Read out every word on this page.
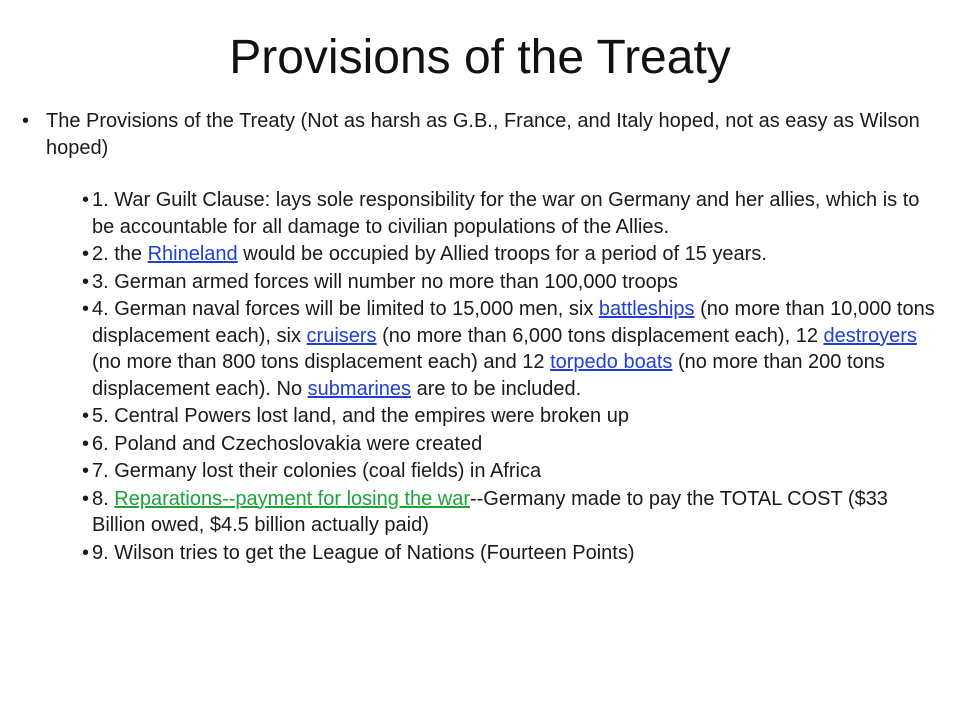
Provisions of the Treaty
• The Provisions of the Treaty (Not as harsh as G.B., France, and Italy hoped, not as easy as Wilson hoped)
• 1. War Guilt Clause: lays sole responsibility for the war on Germany and her allies, which is to be accountable for all damage to civilian populations of the Allies.
• 2. the Rhineland would be occupied by Allied troops for a period of 15 years.
• 3. German armed forces will number no more than 100,000 troops
• 4. German naval forces will be limited to 15,000 men, six battleships (no more than 10,000 tons displacement each), six cruisers (no more than 6,000 tons displacement each), 12 destroyers (no more than 800 tons displacement each) and 12 torpedo boats (no more than 200 tons displacement each). No submarines are to be included.
• 5. Central Powers lost land, and the empires were broken up
• 6. Poland and Czechoslovakia were created
• 7. Germany lost their colonies (coal fields) in Africa
• 8. Reparations--payment for losing the war--Germany made to pay the TOTAL COST ($33 Billion owed, $4.5 billion actually paid)
• 9. Wilson tries to get the League of Nations (Fourteen Points)
